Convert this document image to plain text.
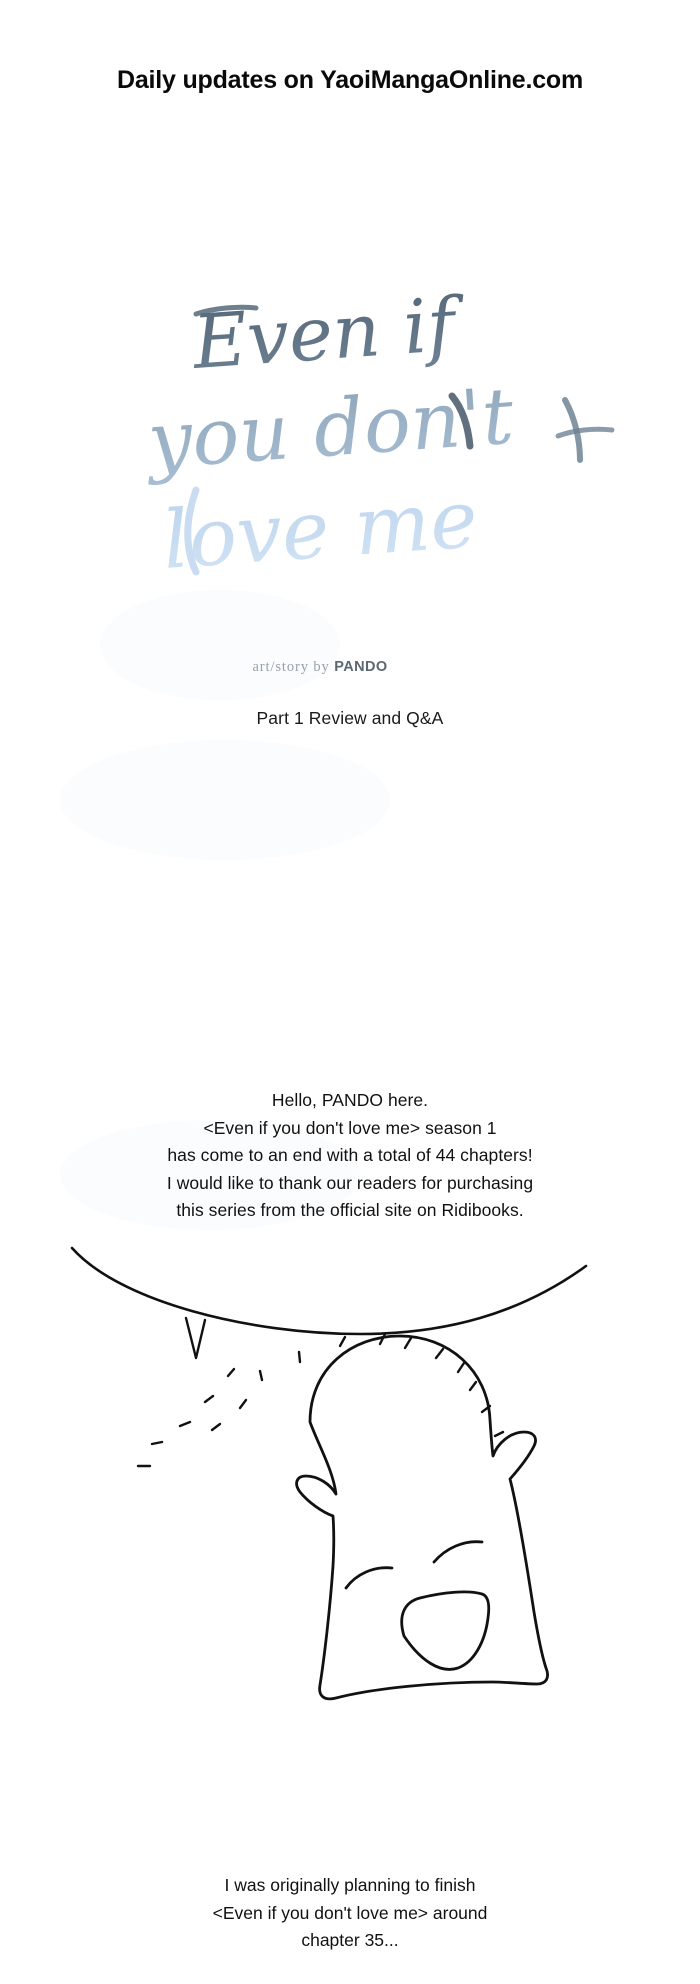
Daily updates on YaoiMangaOnline.com
Even if
you don't
love me
art/story by PANDO
Part 1 Review and Q&A
Hello, PANDO here.
<Even if you don't love me> season 1
has come to an end with a total of 44 chapters!
I would like to thank our readers for purchasing
this series from the official site on Ridibooks.
I was originally planning to finish
<Even if you don't love me> around
chapter 35...
